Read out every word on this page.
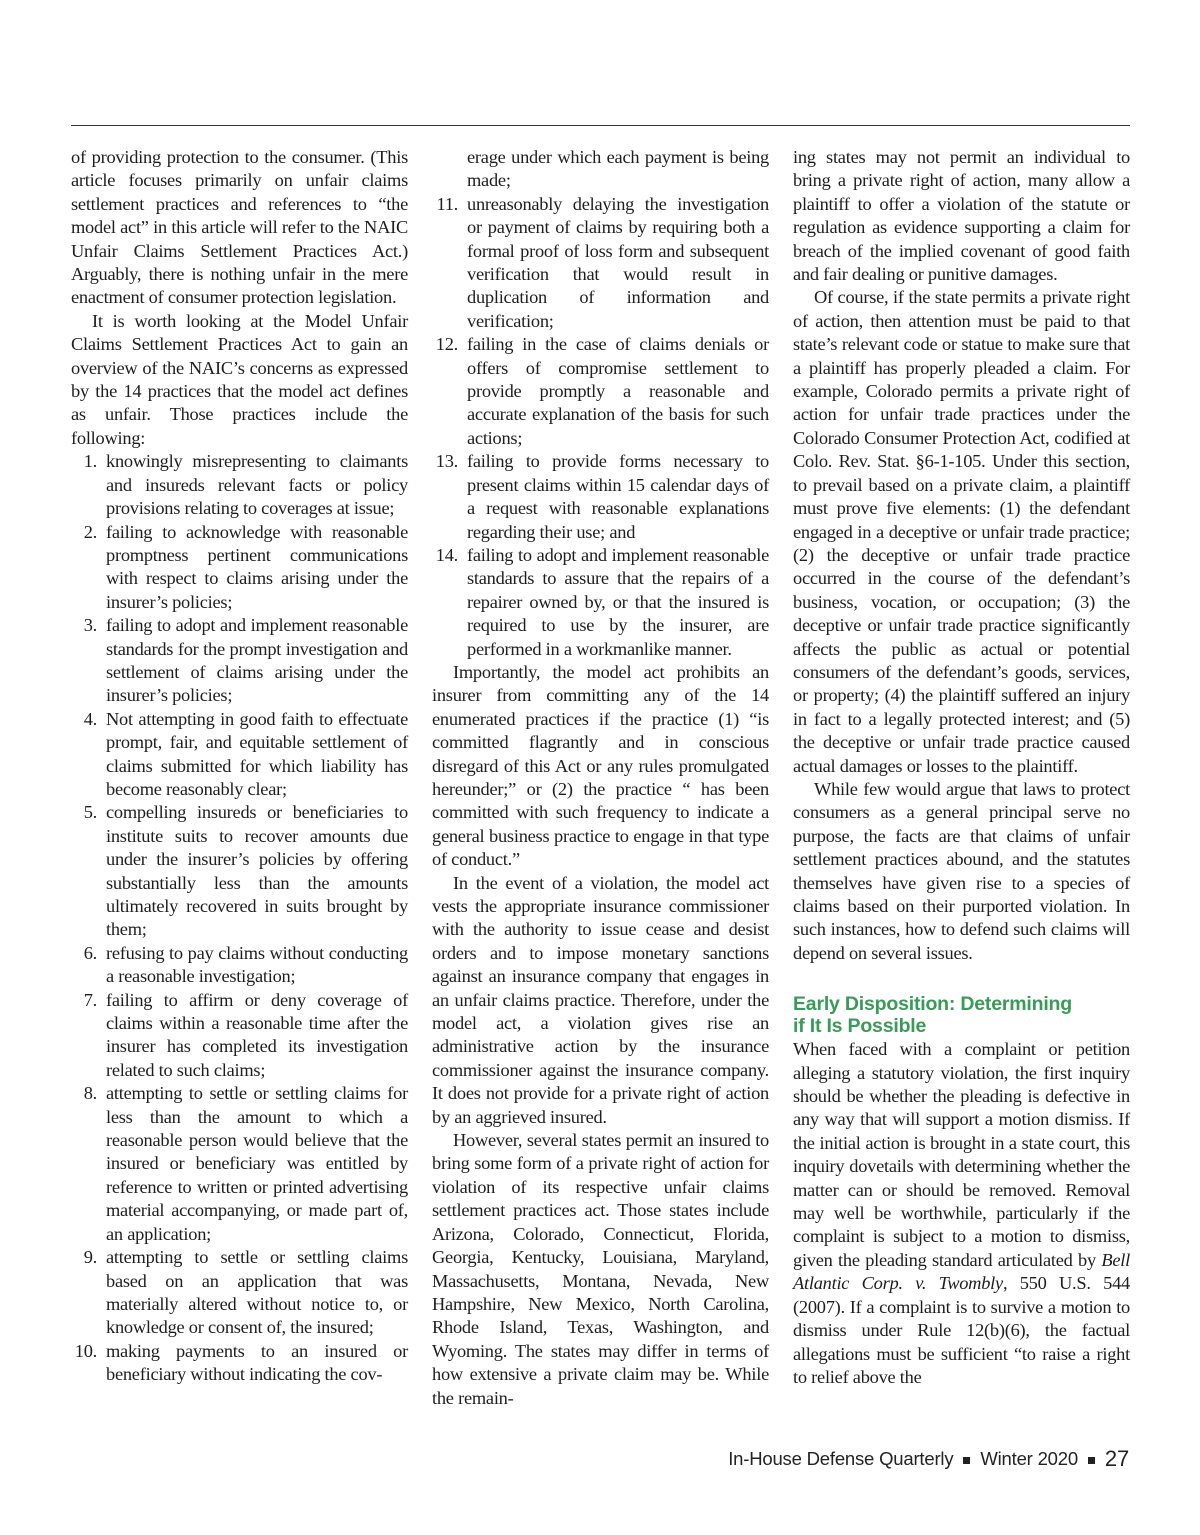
of providing protection to the consumer. (This article focuses primarily on unfair claims settlement practices and references to “the model act” in this article will refer to the NAIC Unfair Claims Settlement Practices Act.) Arguably, there is nothing unfair in the mere enactment of consumer protection legislation.

It is worth looking at the Model Unfair Claims Settlement Practices Act to gain an overview of the NAIC’s concerns as expressed by the 14 practices that the model act defines as unfair. Those practices include the following:

1. knowingly misrepresenting to claimants and insureds relevant facts or policy provisions relating to coverages at issue;
2. failing to acknowledge with reasonable promptness pertinent communications with respect to claims arising under the insurer’s policies;
3. failing to adopt and implement reasonable standards for the prompt investigation and settlement of claims arising under the insurer’s policies;
4. Not attempting in good faith to effectuate prompt, fair, and equitable settlement of claims submitted for which liability has become reasonably clear;
5. compelling insureds or beneficiaries to institute suits to recover amounts due under the insurer’s policies by offering substantially less than the amounts ultimately recovered in suits brought by them;
6. refusing to pay claims without conducting a reasonable investigation;
7. failing to affirm or deny coverage of claims within a reasonable time after the insurer has completed its investigation related to such claims;
8. attempting to settle or settling claims for less than the amount to which a reasonable person would believe that the insured or beneficiary was entitled by reference to written or printed advertising material accompanying, or made part of, an application;
9. attempting to settle or settling claims based on an application that was materially altered without notice to, or knowledge or consent of, the insured;
10. making payments to an insured or beneficiary without indicating the cov-
erage under which each payment is being made;
11. unreasonably delaying the investigation or payment of claims by requiring both a formal proof of loss form and subsequent verification that would result in duplication of information and verification;
12. failing in the case of claims denials or offers of compromise settlement to provide promptly a reasonable and accurate explanation of the basis for such actions;
13. failing to provide forms necessary to present claims within 15 calendar days of a request with reasonable explanations regarding their use; and
14. failing to adopt and implement reasonable standards to assure that the repairs of a repairer owned by, or that the insured is required to use by the insurer, are performed in a workmanlike manner.

Importantly, the model act prohibits an insurer from committing any of the 14 enumerated practices if the practice (1) “is committed flagrantly and in conscious disregard of this Act or any rules promulgated hereunder;” or (2) the practice “ has been committed with such frequency to indicate a general business practice to engage in that type of conduct.”

In the event of a violation, the model act vests the appropriate insurance commissioner with the authority to issue cease and desist orders and to impose monetary sanctions against an insurance company that engages in an unfair claims practice. Therefore, under the model act, a violation gives rise an administrative action by the insurance commissioner against the insurance company. It does not provide for a private right of action by an aggrieved insured.

However, several states permit an insured to bring some form of a private right of action for violation of its respective unfair claims settlement practices act. Those states include Arizona, Colorado, Connecticut, Florida, Georgia, Kentucky, Louisiana, Maryland, Massachusetts, Montana, Nevada, New Hampshire, New Mexico, North Carolina, Rhode Island, Texas, Washington, and Wyoming. The states may differ in terms of how extensive a private claim may be. While the remain-

ing states may not permit an individual to bring a private right of action, many allow a plaintiff to offer a violation of the statute or regulation as evidence supporting a claim for breach of the implied covenant of good faith and fair dealing or punitive damages.

Of course, if the state permits a private right of action, then attention must be paid to that state’s relevant code or statue to make sure that a plaintiff has properly pleaded a claim. For example, Colorado permits a private right of action for unfair trade practices under the Colorado Consumer Protection Act, codified at Colo. Rev. Stat. §6-1-105. Under this section, to prevail based on a private claim, a plaintiff must prove five elements: (1) the defendant engaged in a deceptive or unfair trade practice; (2) the deceptive or unfair trade practice occurred in the course of the defendant’s business, vocation, or occupation; (3) the deceptive or unfair trade practice significantly affects the public as actual or potential consumers of the defendant’s goods, services, or property; (4) the plaintiff suffered an injury in fact to a legally protected interest; and (5) the deceptive or unfair trade practice caused actual damages or losses to the plaintiff.

While few would argue that laws to protect consumers as a general principal serve no purpose, the facts are that claims of unfair settlement practices abound, and the statutes themselves have given rise to a species of claims based on their purported violation. In such instances, how to defend such claims will depend on several issues.

Early Disposition: Determining if It Is Possible

When faced with a complaint or petition alleging a statutory violation, the first inquiry should be whether the pleading is defective in any way that will support a motion dismiss. If the initial action is brought in a state court, this inquiry dovetails with determining whether the matter can or should be removed. Removal may well be worthwhile, particularly if the complaint is subject to a motion to dismiss, given the pleading standard articulated by Bell Atlantic Corp. v. Twombly, 550 U.S. 544 (2007). If a complaint is to survive a motion to dismiss under Rule 12(b)(6), the factual allegations must be sufficient “to raise a right to relief above the

In-House Defense Quarterly Winter 2020 27
